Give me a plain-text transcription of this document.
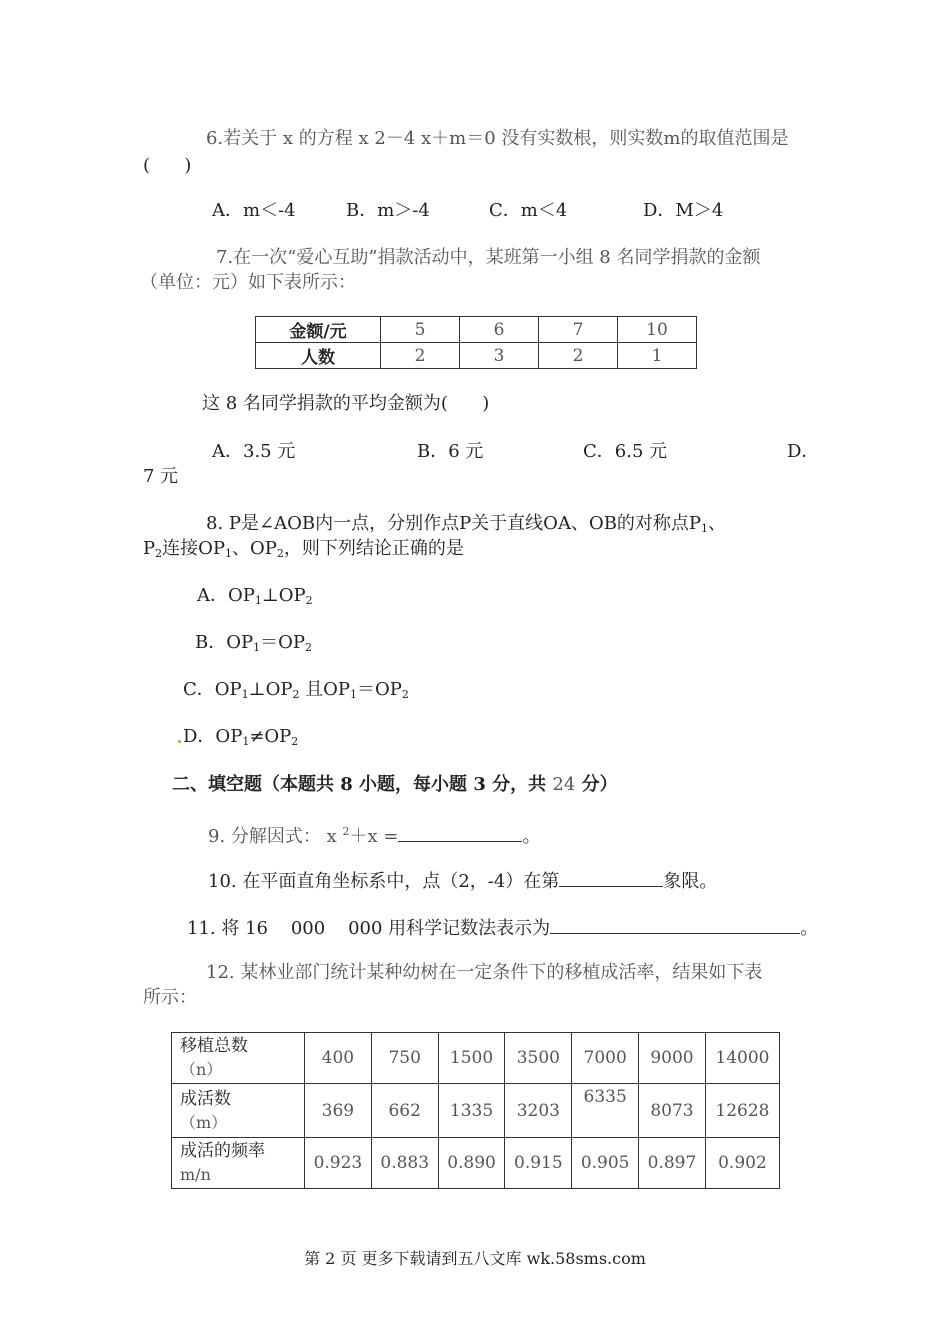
6.若关于 x 的方程 x 2－4 x＋m＝0 没有实数根，则实数m的取值范围是
(      )
A．m＜-4	B．m＞-4	C．m＜4	D．M＞4
7.在一次“爱心互助”捐款活动中，某班第一小组 8 名同学捐款的金额
（单位：元）如下表所示：
金额/元	5	6	7	10
人数	2	3	2	1
这 8 名同学捐款的平均金额为(      )
A．3.5 元	B．6 元	C．6.5 元	D．
7 元
8. P是∠AOB内一点，分别作点P关于直线OA、OB的对称点$P_1$、
$P_2$连接$OP_1$、$OP_2$，则下列结论正确的是
A．$OP_1\perp OP_2$
B．$OP_1=OP_2$
C．$OP_1\perp OP_2$ 且$OP_1=OP_2$
D．$OP_1\ne OP_2$
二、填空题（本题共 8 小题，每小题 3 分，共 24 分）
9. 分解因式： x $^2$＋x =	。
10. 在平面直角坐标系中，点（2，-4）在第	象限。
11. 将 16    000    000 用科学记数法表示为	。
12. 某林业部门统计某种幼树在一定条件下的移植成活率，结果如下表
所示：
移植总数
（n）	400	750	1500	3500	7000	9000	14000

成活数
（m）	369	662	1335	3203	6335	8073	12628

成活的频率
m/n	0.923	0.883	0.890	0.915	0.905	0.897	0.902
第 2 页 更多下载请到五八文库 wk.58sms.com
